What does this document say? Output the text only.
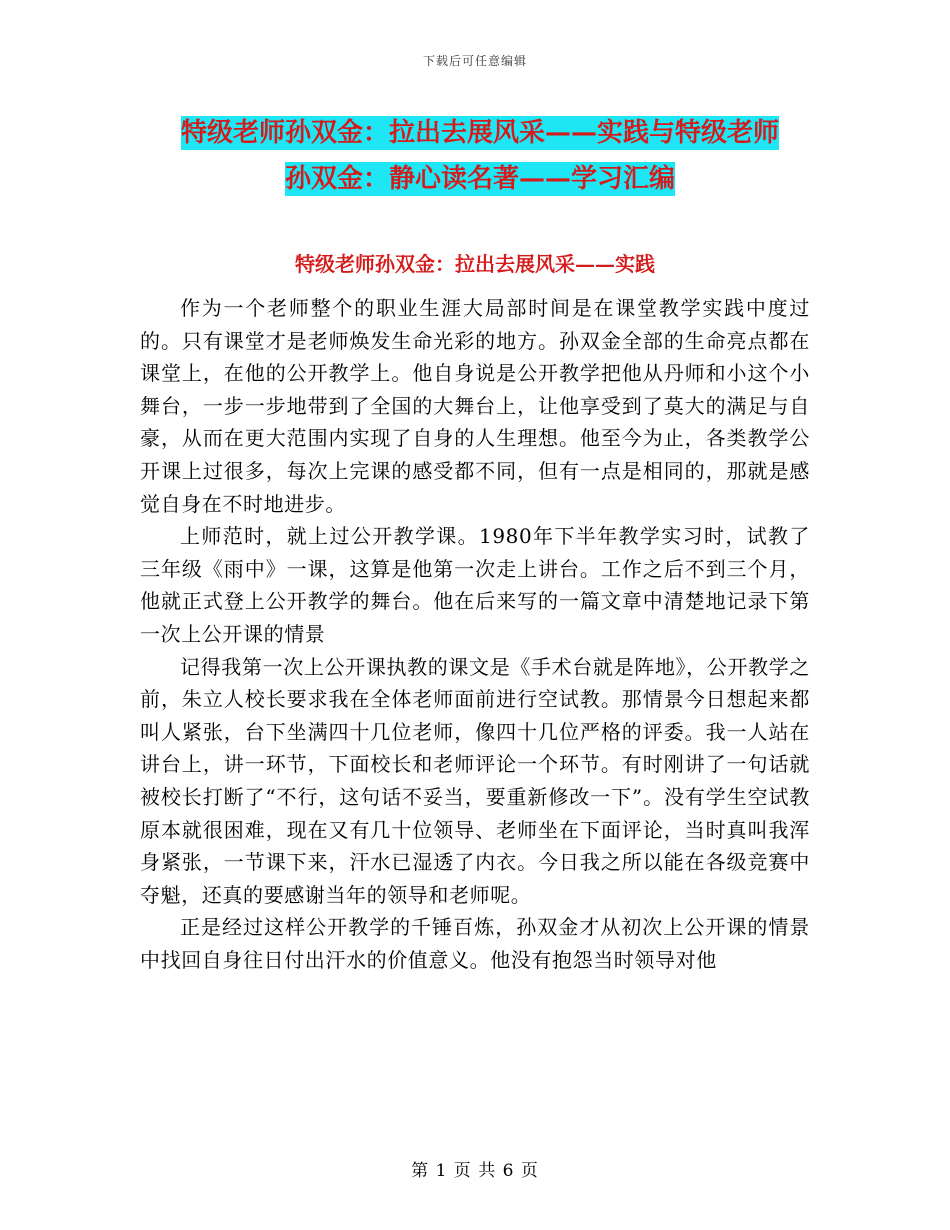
下载后可任意编辑
特级老师孙双金：拉出去展风采——实践与特级老师
孙双金：静心读名著——学习汇编
特级老师孙双金：拉出去展风采——实践

作为一个老师整个的职业生涯大局部时间是在课堂教学实践中度过的。只有课堂才是老师焕发生命光彩的地方。孙双金全部的生命亮点都在课堂上，在他的公开教学上。他自身说是公开教学把他从丹师和小这个小舞台，一步一步地带到了全国的大舞台上，让他享受到了莫大的满足与自豪，从而在更大范围内实现了自身的人生理想。他至今为止，各类教学公开课上过很多，每次上完课的感受都不同，但有一点是相同的，那就是感觉自身在不时地进步。

上师范时，就上过公开教学课。1980年下半年教学实习时，试教了三年级《雨中》一课，这算是他第一次走上讲台。工作之后不到三个月，他就正式登上公开教学的舞台。他在后来写的一篇文章中清楚地记录下第一次上公开课的情景

记得我第一次上公开课执教的课文是《手术台就是阵地》，公开教学之前，朱立人校长要求我在全体老师面前进行空试教。那情景今日想起来都叫人紧张，台下坐满四十几位老师，像四十几位严格的评委。我一人站在讲台上，讲一环节，下面校长和老师评论一个环节。有时刚讲了一句话就被校长打断了“不行，这句话不妥当，要重新修改一下”。没有学生空试教原本就很困难，现在又有几十位领导、老师坐在下面评论，当时真叫我浑身紧张，一节课下来，汗水已湿透了内衣。今日我之所以能在各级竞赛中夺魁，还真的要感谢当年的领导和老师呢。

正是经过这样公开教学的千锤百炼，孙双金才从初次上公开课的情景中找回自身往日付出汗水的价值意义。他没有抱怨当时领导对他

第 1 页 共 6 页
